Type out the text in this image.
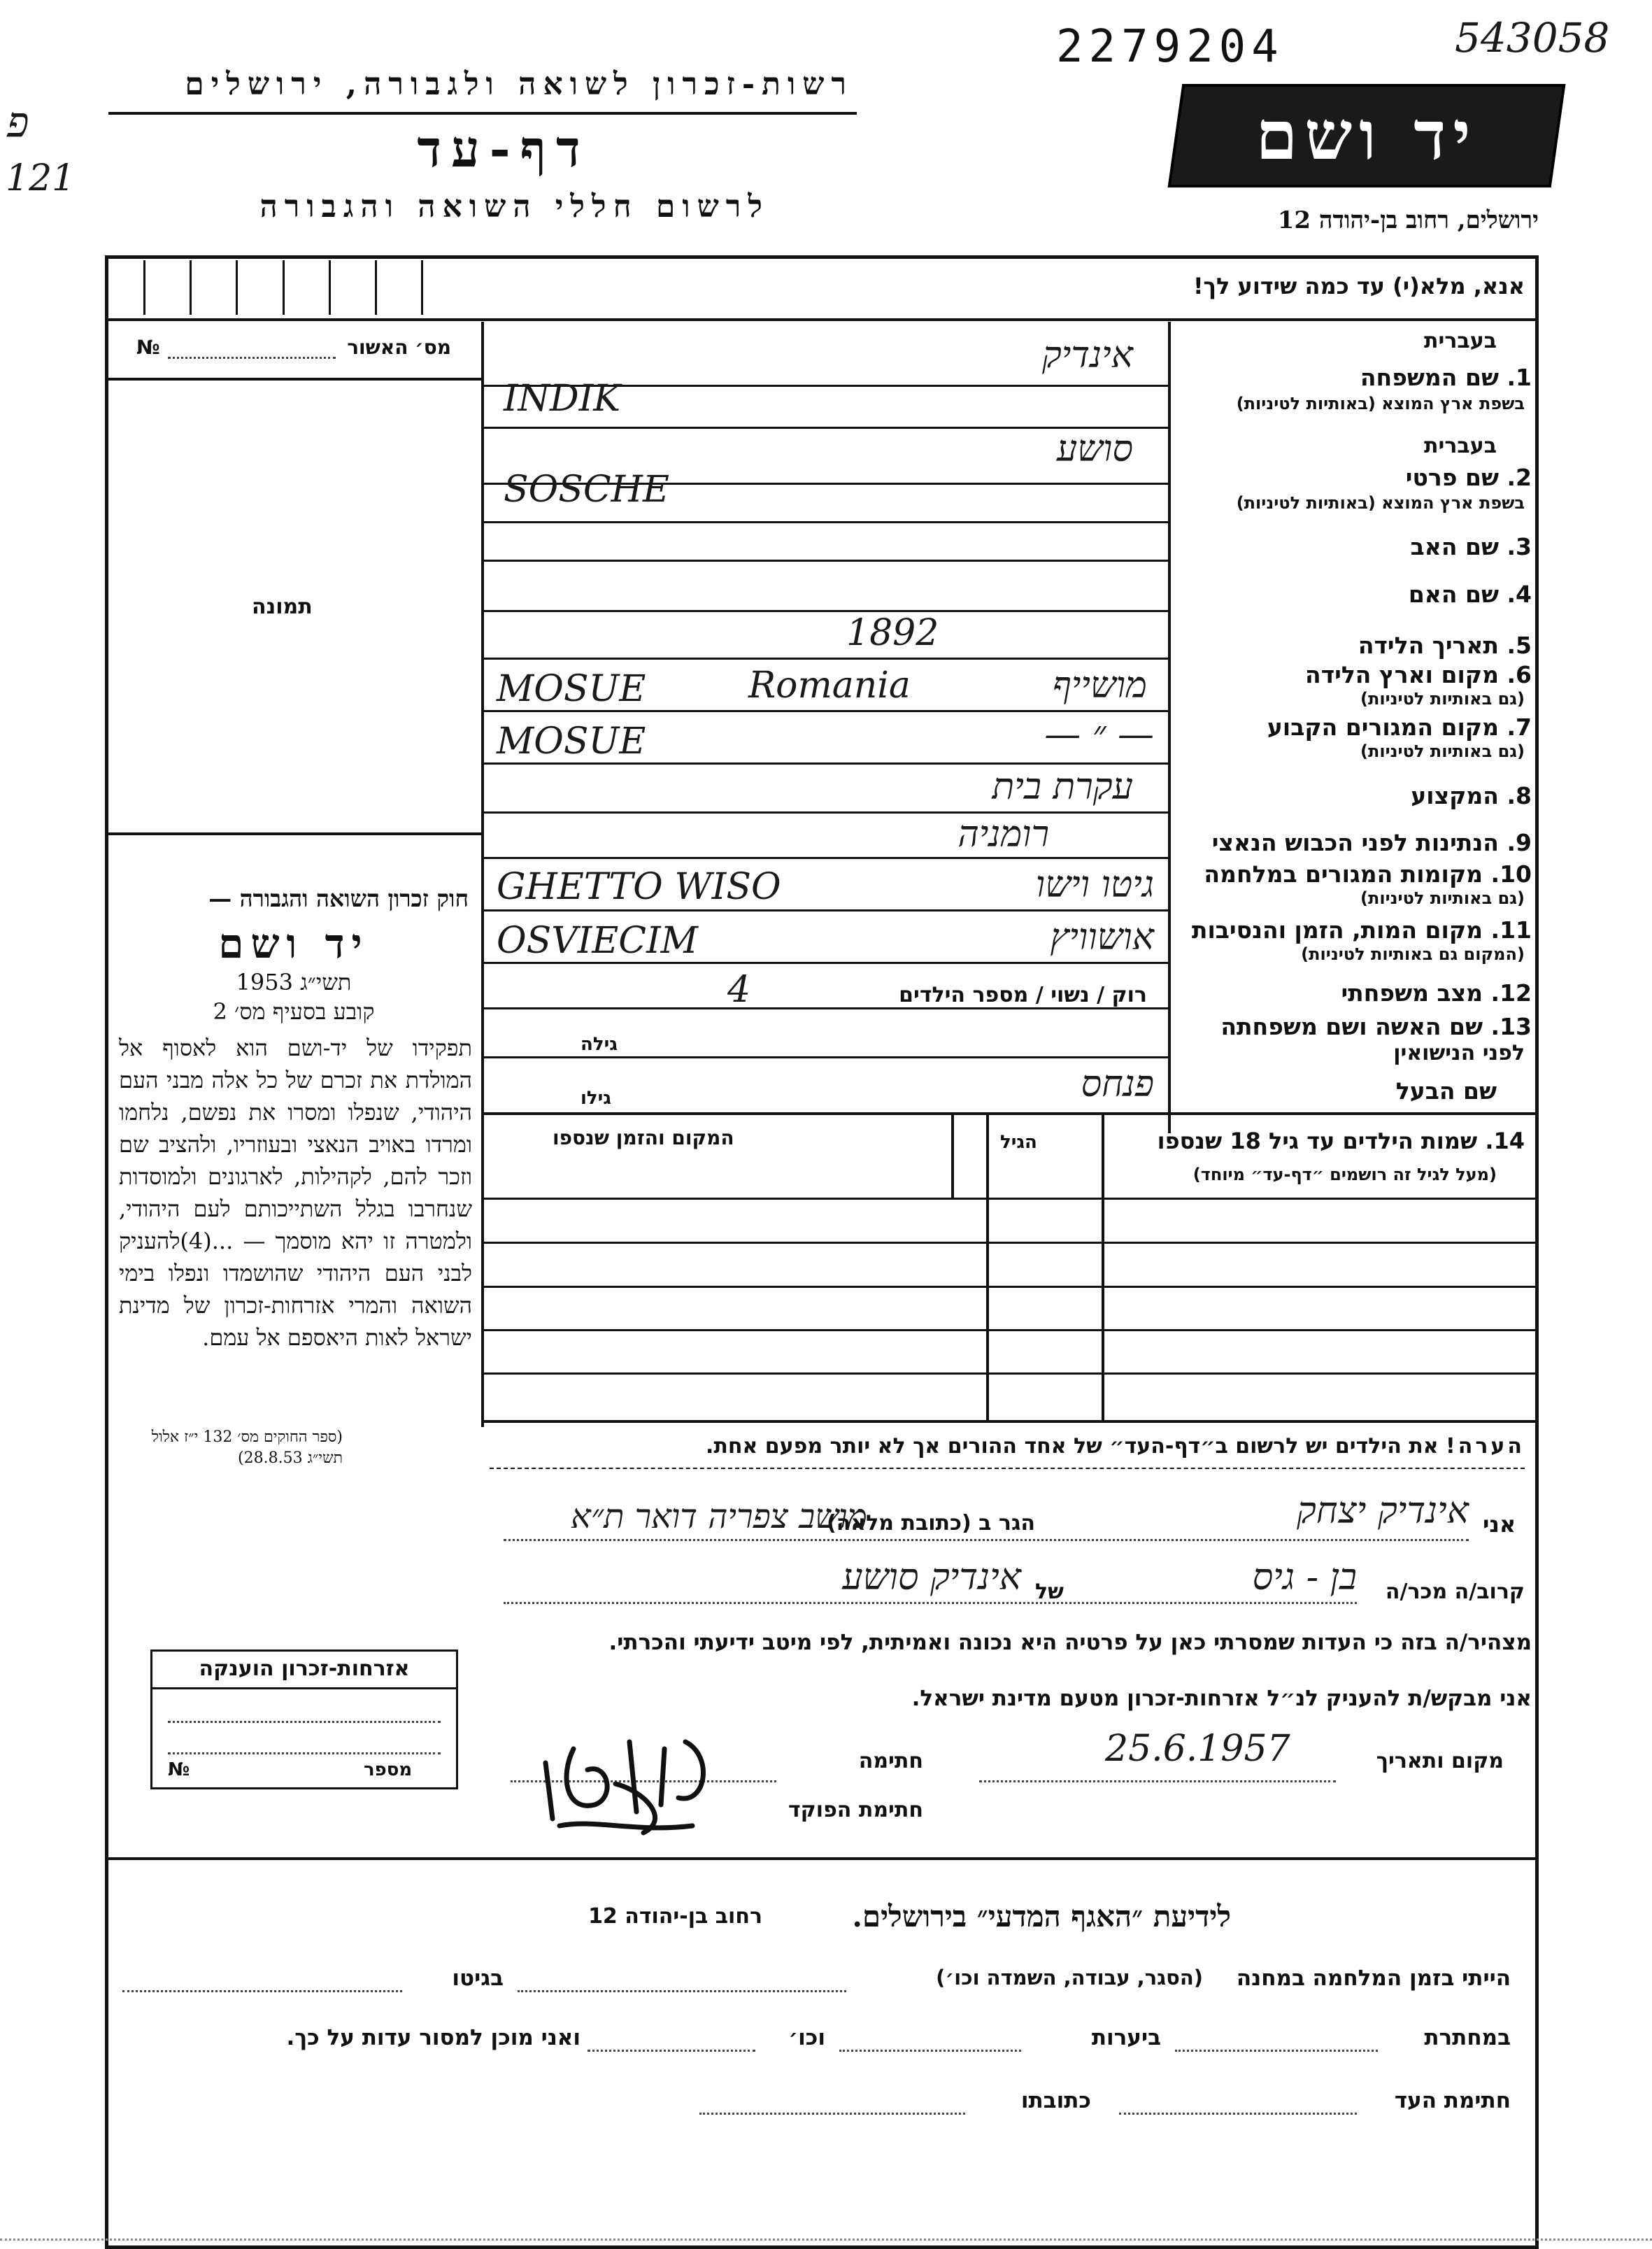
פ
121
2279204	543058
רשות-זכרון לשואה ולגבורה, ירושלים
דף-עד
לרשום חללי השואה והגבורה
יד ושם
ירושלים, רחוב בן-יהודה 12
אנא, מלא(י) עד כמה שידוע לך!
מס׳ האשור
№
תמונה
חוק זכרון השואה והגבורה —
יד ושם
תשי״ג 1953
קובע בסעיף מס׳ 2
תפקידו של יד-ושם הוא לאסוף אל המולדת את זכרם של כל אלה מבני העם היהודי, שנפלו ומסרו את נפשם, נלחמו ומרדו באויב הנאצי ובעוזריו, ולהציב שם וזכר להם, לקהילות, לארגונים ולמוסדות שנחרבו בגלל השתייכותם לעם היהודי, ולמטרה זו יהא מוסמך — ...(4)להעניק לבני העם היהודי שהושמדו ונפלו בימי השואה והמרי אזרחות-זכרון של מדינת ישראל לאות היאספם אל עמם.
(ספר החוקים מס׳ 132 י״ז אלול תשי״ג 28.8.53)
בעברית
1. שם המשפחה
בשפת ארץ המוצא (באותיות לטיניות)
אינדיק
INDIK
בעברית
2. שם פרטי
בשפת ארץ המוצא (באותיות לטיניות)
סושע
SOSCHE
3. שם האב
4. שם האם
5. תאריך הלידה
1892
6. מקום וארץ הלידה
(גם באותיות לטיניות)
MOSUE	Romania	מושייף
7. מקום המגורים הקבוע
(גם באותיות לטיניות)
MOSUE	— ״ —
8. המקצוע
עקרת בית
9. הנתינות לפני הכבוש הנאצי
רומניה
10. מקומות המגורים במלחמה
(גם באותיות לטיניות)
GHETTO WISO	גיטו וישו
11. מקום המות, הזמן והנסיבות
(המקום גם באותיות לטיניות)
OSVIECIM	אושוויץ
12. מצב משפחתי
רוק / נשוי / מספר הילדים
4
13. שם האשה ושם משפחתה
לפני הנישואין
גילה
שם הבעל
גילו	פנחס
14. שמות הילדים עד גיל 18 שנספו
(מעל לגיל זה רושמים ״דף-עד״ מיוחד)
הגיל
המקום והזמן שנספו
הערה! את הילדים יש לרשום ב״דף-העד״ של אחד ההורים אך לא יותר מפעם אחת.
אני
אינדיק יצחק
הגר ב (כתובת מלאה)
מושב צפריה דואר ת״א
קרוב/ה מכר/ה
בן - גיס
של
אינדיק סושע
מצהיר/ה בזה כי העדות שמסרתי כאן על פרטיה היא נכונה ואמיתית, לפי מיטב ידיעתי והכרתי.
אני מבקש/ת להעניק לנ״ל אזרחות-זכרון מטעם מדינת ישראל.
מקום ותאריך
25.6.1957
חתימה
חתימת הפוקד
אזרחות-זכרון הוענקה
№	מספר
לידיעת ״האגף המדעי״ בירושלים.
רחוב בן-יהודה 12
הייתי בזמן המלחמה במחנה
(הסגר, עבודה, השמדה וכו׳)
בגיטו
במחתרת
ביערות
וכו׳
ואני מוכן למסור עדות על כך.
חתימת העד
כתובתו
